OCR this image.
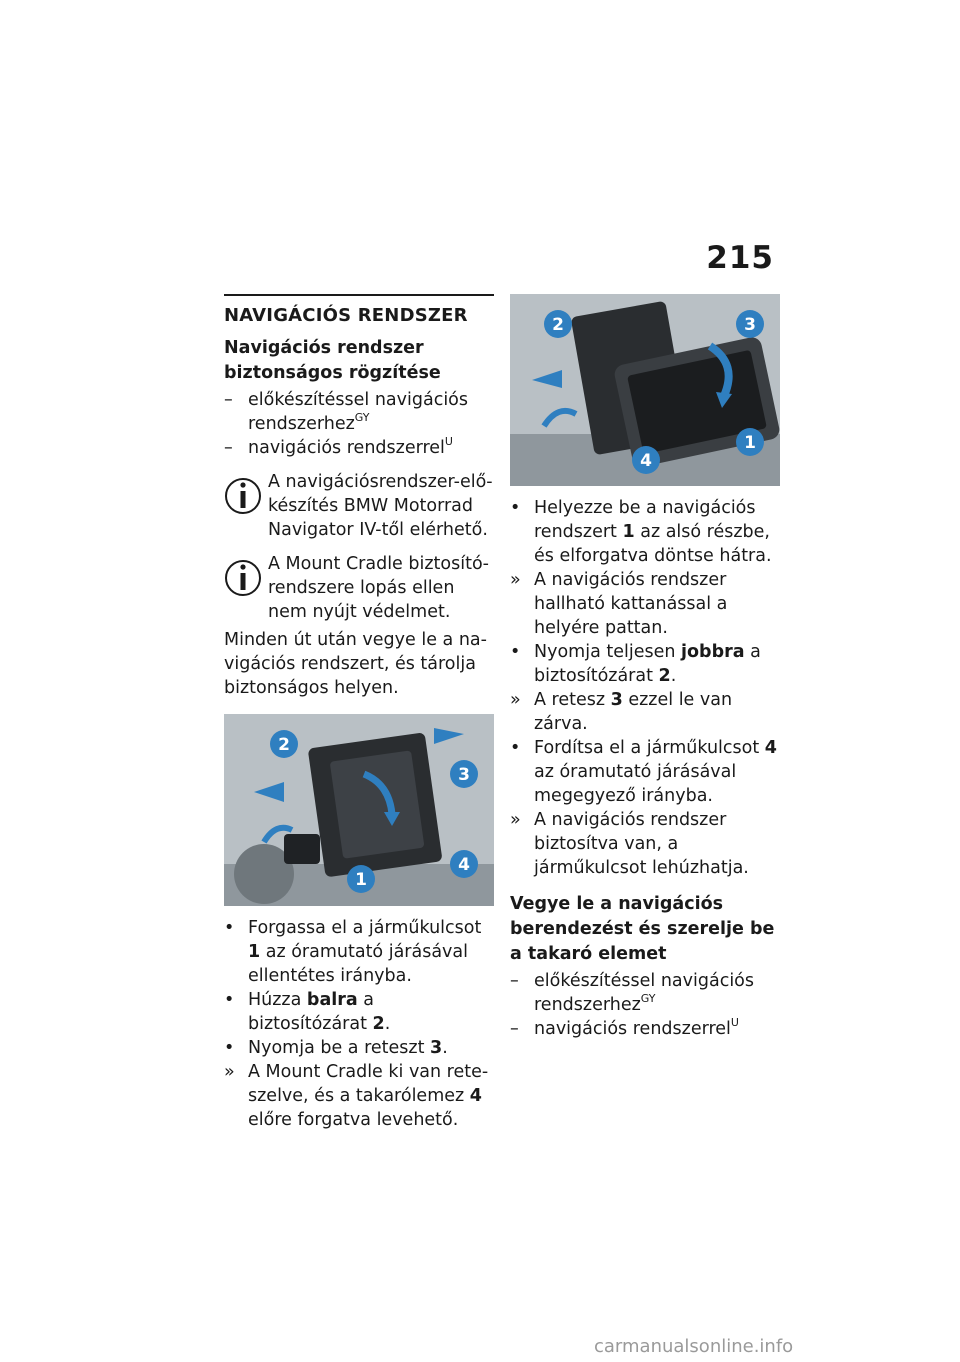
215
NAVIGÁCIÓS RENDSZER
Navigációs rendszer biztonságos rögzítése
– előkészítéssel navigációs rendszerhez$^{GY}$
– navigációs rendszerrel$^U$

A navigációsrendszer-előkészítés BMW Motorrad Navigator IV-től elérhető.

A Mount Cradle biztosítórendszere lopás ellen nem nyújt védelmet.

Minden út után vegye le a navigációs rendszert, és tárolja biztonságos helyen.

2
3
4
1
• Forgassa el a járműkulcsot 1 az óramutató járásával ellentétes irányba.
• Húzza balra a biztosítózárat 2.
• Nyomja be a reteszt 3.
» A Mount Cradle ki van reteszelve, és a takarólemez 4 előre forgatva levehető.
2	3
4
1
• Helyezze be a navigációs rendszert 1 az alsó részbe, és elforgatva döntse hátra.
» A navigációs rendszer hallható kattanással a helyére pattan.
• Nyomja teljesen jobbra a biztosítózárat 2.
» A retesz 3 ezzel le van zárva.
• Fordítsa el a járműkulcsot 4 az óramutató járásával megegyező irányba.
» A navigációs rendszer biztosítva van, a járműkulcsot lehúzhatja.
Vegye le a navigációs berendezést és szerelje be a takaró elemet
– előkészítéssel navigációs rendszerhez$^{GY}$
– navigációs rendszerrel$^U$
carmanualsonline.info
